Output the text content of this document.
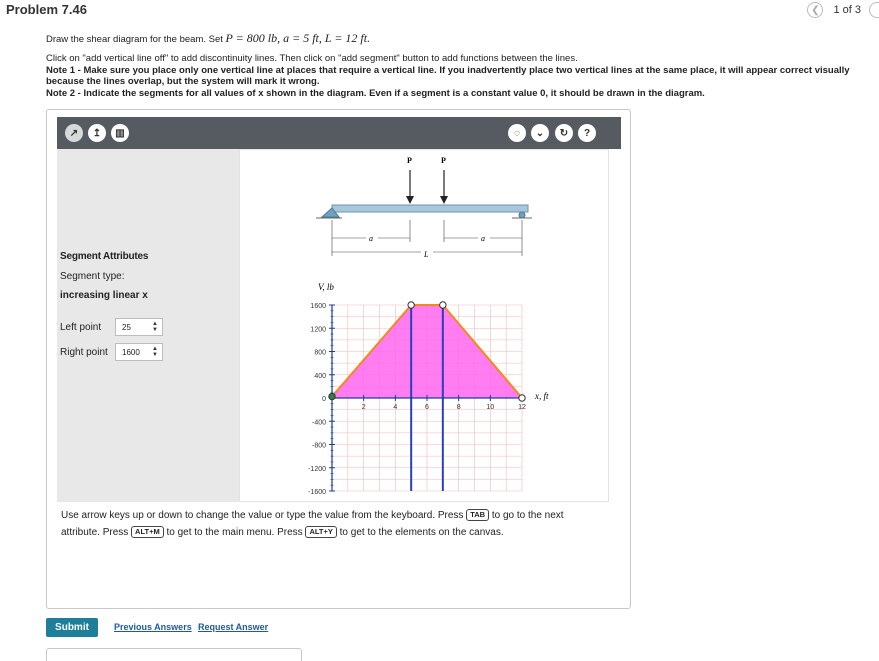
Problem 7.46	❮ 1 of 3
Draw the shear diagram for the beam. Set P = 800 lb, a = 5 ft, L = 12 ft.
Click on "add vertical line off" to add discontinuity lines. Then click on "add segment" button to add functions between the lines.
Note 1 - Make sure you place only one vertical line at places that require a vertical line. If you inadvertently place two vertical lines at the same place, it will appear correct visually
because the lines overlap, but the system will mark it wrong.
Note 2 - Indicate the segments for all values of x shown in the diagram. Even if a segment is a constant value 0, it should be drawn in the diagram.
↗ ↥ ▥	◌ ⌄ ↻ ?
Segment Attributes
Segment type:
increasing linear x
Left point	25	▲
▼
Right point 1600 ▲
▼
P	P
a	a
L
1600
1200
800
400
0
-400
-800
-1200
-1600
2	4	6	8	10	12
V, lb
x, ft
Use arrow keys up or down to change the value or type the value from the keyboard. Press TAB to go to the next attribute. Press ALT+M to get to the main menu. Press ALT+Y to get to the elements on the canvas.
Submit	Previous Answers Request Answer
